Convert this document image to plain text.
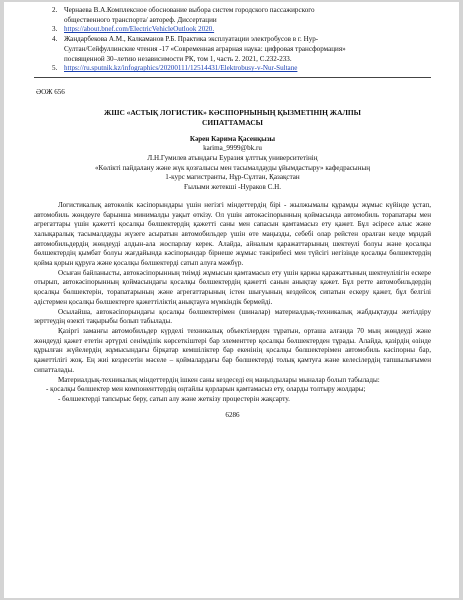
2. Чернаева В.А.Комплексное обоснование выбора систем городского пассажирского
общественного транспорта/ автореф. Диссертации

3. https://about.bnef.com/ElectricVehicleOutlook 2020.

4. Жандарбекова А.М., Калкаманов Р.Б. Практика эксплуатации электробусов в г. Нур-
Султан/Сейфуллинские чтения -17 «Современная аграрная наука: цифровая трансформация»
посвященной 30–летию независимости РК, том 1, часть 2. 2021, С.232-233.

5. https://ru.sputnik.kz/infographics/20200111/12514431/Elektrobusy-v-Nur-Sultane

ӘОЖ 656

ЖШС «АСТЫҚ ЛОГИСТИК» КӘСІПОРНЫНЫҢ ҚЫЗМЕТІНІҢ ЖАЛПЫ
СИПАТТАМАСЫ

Кәрен Карима Қасенқызы

karima_9999@bk.ru

Л.Н.Гумилев атындағы Еуразия ұлттық университетінің

«Көлікті пайдалану және жүк қозғалысы мен тасымалдауды ұйымдастыру» кафедрасының

1-курс магистранты, Нұр-Сұлтан, Қазақстан

Ғылыми жетекші -Нураков С.Н.

Логистикалық автокөлік кәсіпорындары үшін негізгі міндеттердің бірі - жылжымалы құрамды жұмыс күйінде ұстап, автомобиль жөндеуге барынша минималды уақыт өткізу. Ол үшін автокәсіпорынның қоймасында автомобиль торапатары мен агрегаттары үшін қажетті қосалқы бөлшектердің қажетті саны мен сапасын қамтамасыз ету қажет. Бұл әсіресе алыс және халықаралық тасымалдауды жүзеге асыратын автомобильдер үшін өте маңызды, себебі олар рейстен оралған кезде мұндай автомобильдердің жөндеуді алдын-ала жоспарлау керек. Алайда, айналым қаражаттарының шектеулі болуы және қосалқы бөлшектердің қымбат болуы жағдайында кәсіпорындар бірнеше жұмыс тәжірибесі мен түйсігі негізінде қосалқы бөлшектердің қойма қорын құруға және қосалқы бөлшектерді сатып алуға мәжбүр.

Осыған байланысты, автокәсіпорынның тиімді жұмысын қамтамасыз ету үшін қаржы қаражаттының шектеулілігін ескере отырып, автокәсіпорынның қоймасындағы қосалқы бөлшектердің қажетті санын анықтау қажет. Бұл ретте автомобильдердің қосалқы бөлшектерін, торапатарының және агрегаттарының істен шығуының кездейсоқ сипатын ескеру қажет, бұл белгілі әдістермен қосалқы бөлшектерге қажеттіліктің анықтауға мүмкіндік бермейді.

Осылайша, автокәсіпорындағы қосалқы бөлшектерімен (шиналар) материалдық-техникалық жабдықтауды жетілдіру зерттеудің өзекті тақырыбы болып табылады.

Қазіргі заманғы автомобильдер күрделі техникалық объектілерден тұратын, орташа алғанда 70 мың жөндеуді және жөндеуді қажет ететін әртүрлі сенімділік көрсеткіштері бар элементтер қосалқы бөлшектерден тұрады. Алайда, қазірдің өзінде құрылған жүйелердің жұмысындағы бірқатар кемшіліктер бар екенінің қосалқы бөлшектерімен автомобиль кәсіпорны бар, қажеттілігі жоқ. Ең жиі кездесетін мәселе – қоймалардағы бар бөлшектерді толық қамтуға және келесілердің тапшылығымен сипатталады.

Материалдық-техникалық міндеттердің ішкен саны кездеседі ең маңыздылары мыналар болып табылады:

- қосалқы бөлшектер мен компоненттердің оңтайлы қорларын қамтамасыз ету, оларды толтыру жолдары;

- бөлшектерді тапсырыс беру, сатып алу және жеткізу процестерін жақсарту.

6286
